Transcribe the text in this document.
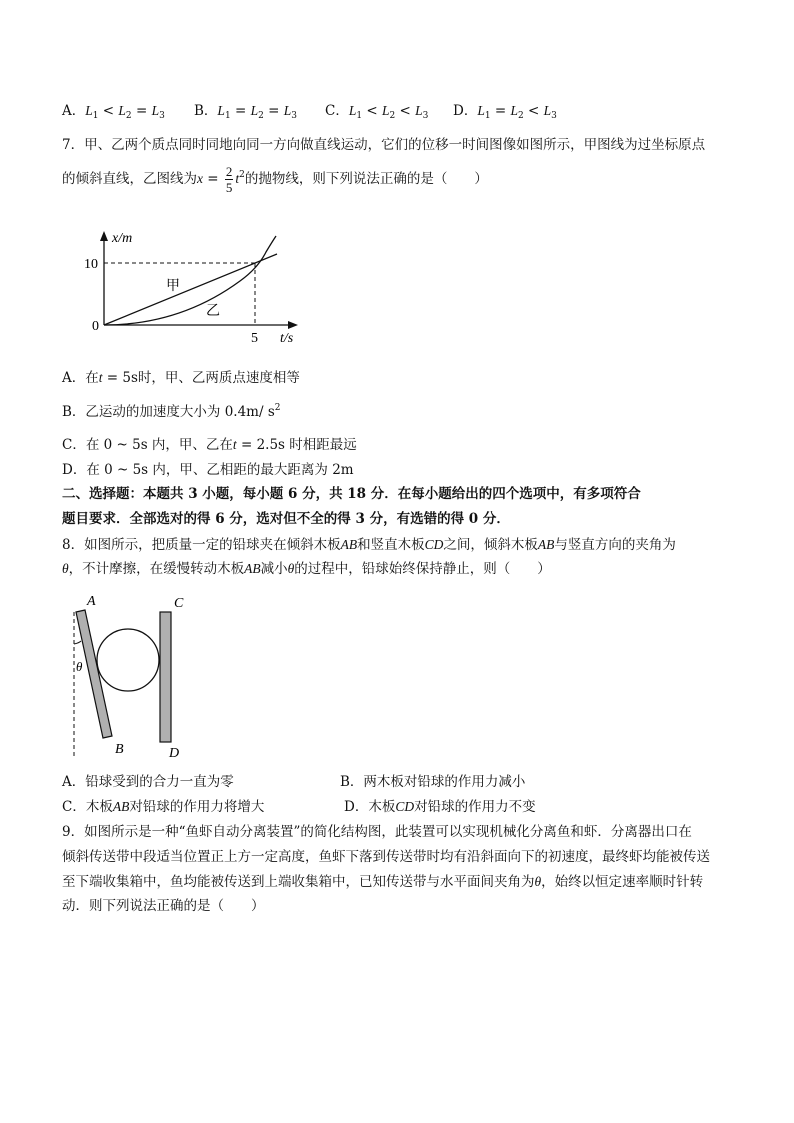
A．$L_1 < L_2 = L_3$ B．$L_1 = L_2 = L_3$ C．$L_1 < L_2 < L_3$ D．$L_1 = L_2 < L_3$
7．甲、乙两个质点同时同地向同一方向做直线运动，它们的位移一时间图像如图所示，甲图线为过坐标原点
的倾斜直线，乙图线为$x = \frac{2}{5} t^2$的抛物线，则下列说法正确的是（　　）
x/m
t/s
10
5
0
甲
乙
A．在t = 5s时，甲、乙两质点速度相等
B．乙运动的加速度大小为 0.4m/ $s^2$
C．在 0 ~ 5s 内，甲、乙在t = 2.5s 时相距最远
D．在 0 ~ 5s 内，甲、乙相距的最大距离为 2m
二、选择题：本题共 3 小题，每小题 6 分，共 18 分．在每小题给出的四个选项中，有多项符合
题目要求．全部选对的得 6 分，选对但不全的得 3 分，有选错的得 0 分．
8．如图所示，把质量一定的铅球夹在倾斜木板AB和竖直木板CD之间，倾斜木板AB与竖直方向的夹角为
θ，不计摩擦，在缓慢转动木板AB减小θ的过程中，铅球始终保持静止，则（　　）
A
B
C
D
θ
A．铅球受到的合力一直为零	B．两木板对铅球的作用力减小
C．木板AB对铅球的作用力将增大	D．木板CD对铅球的作用力不变
9．如图所示是一种“鱼虾自动分离装置”的简化结构图，此装置可以实现机械化分离鱼和虾．分离器出口在
倾斜传送带中段适当位置正上方一定高度，鱼虾下落到传送带时均有沿斜面向下的初速度，最终虾均能被传送
至下端收集箱中，鱼均能被传送到上端收集箱中，已知传送带与水平面间夹角为θ，始终以恒定速率顺时针转
动．则下列说法正确的是（　　）
